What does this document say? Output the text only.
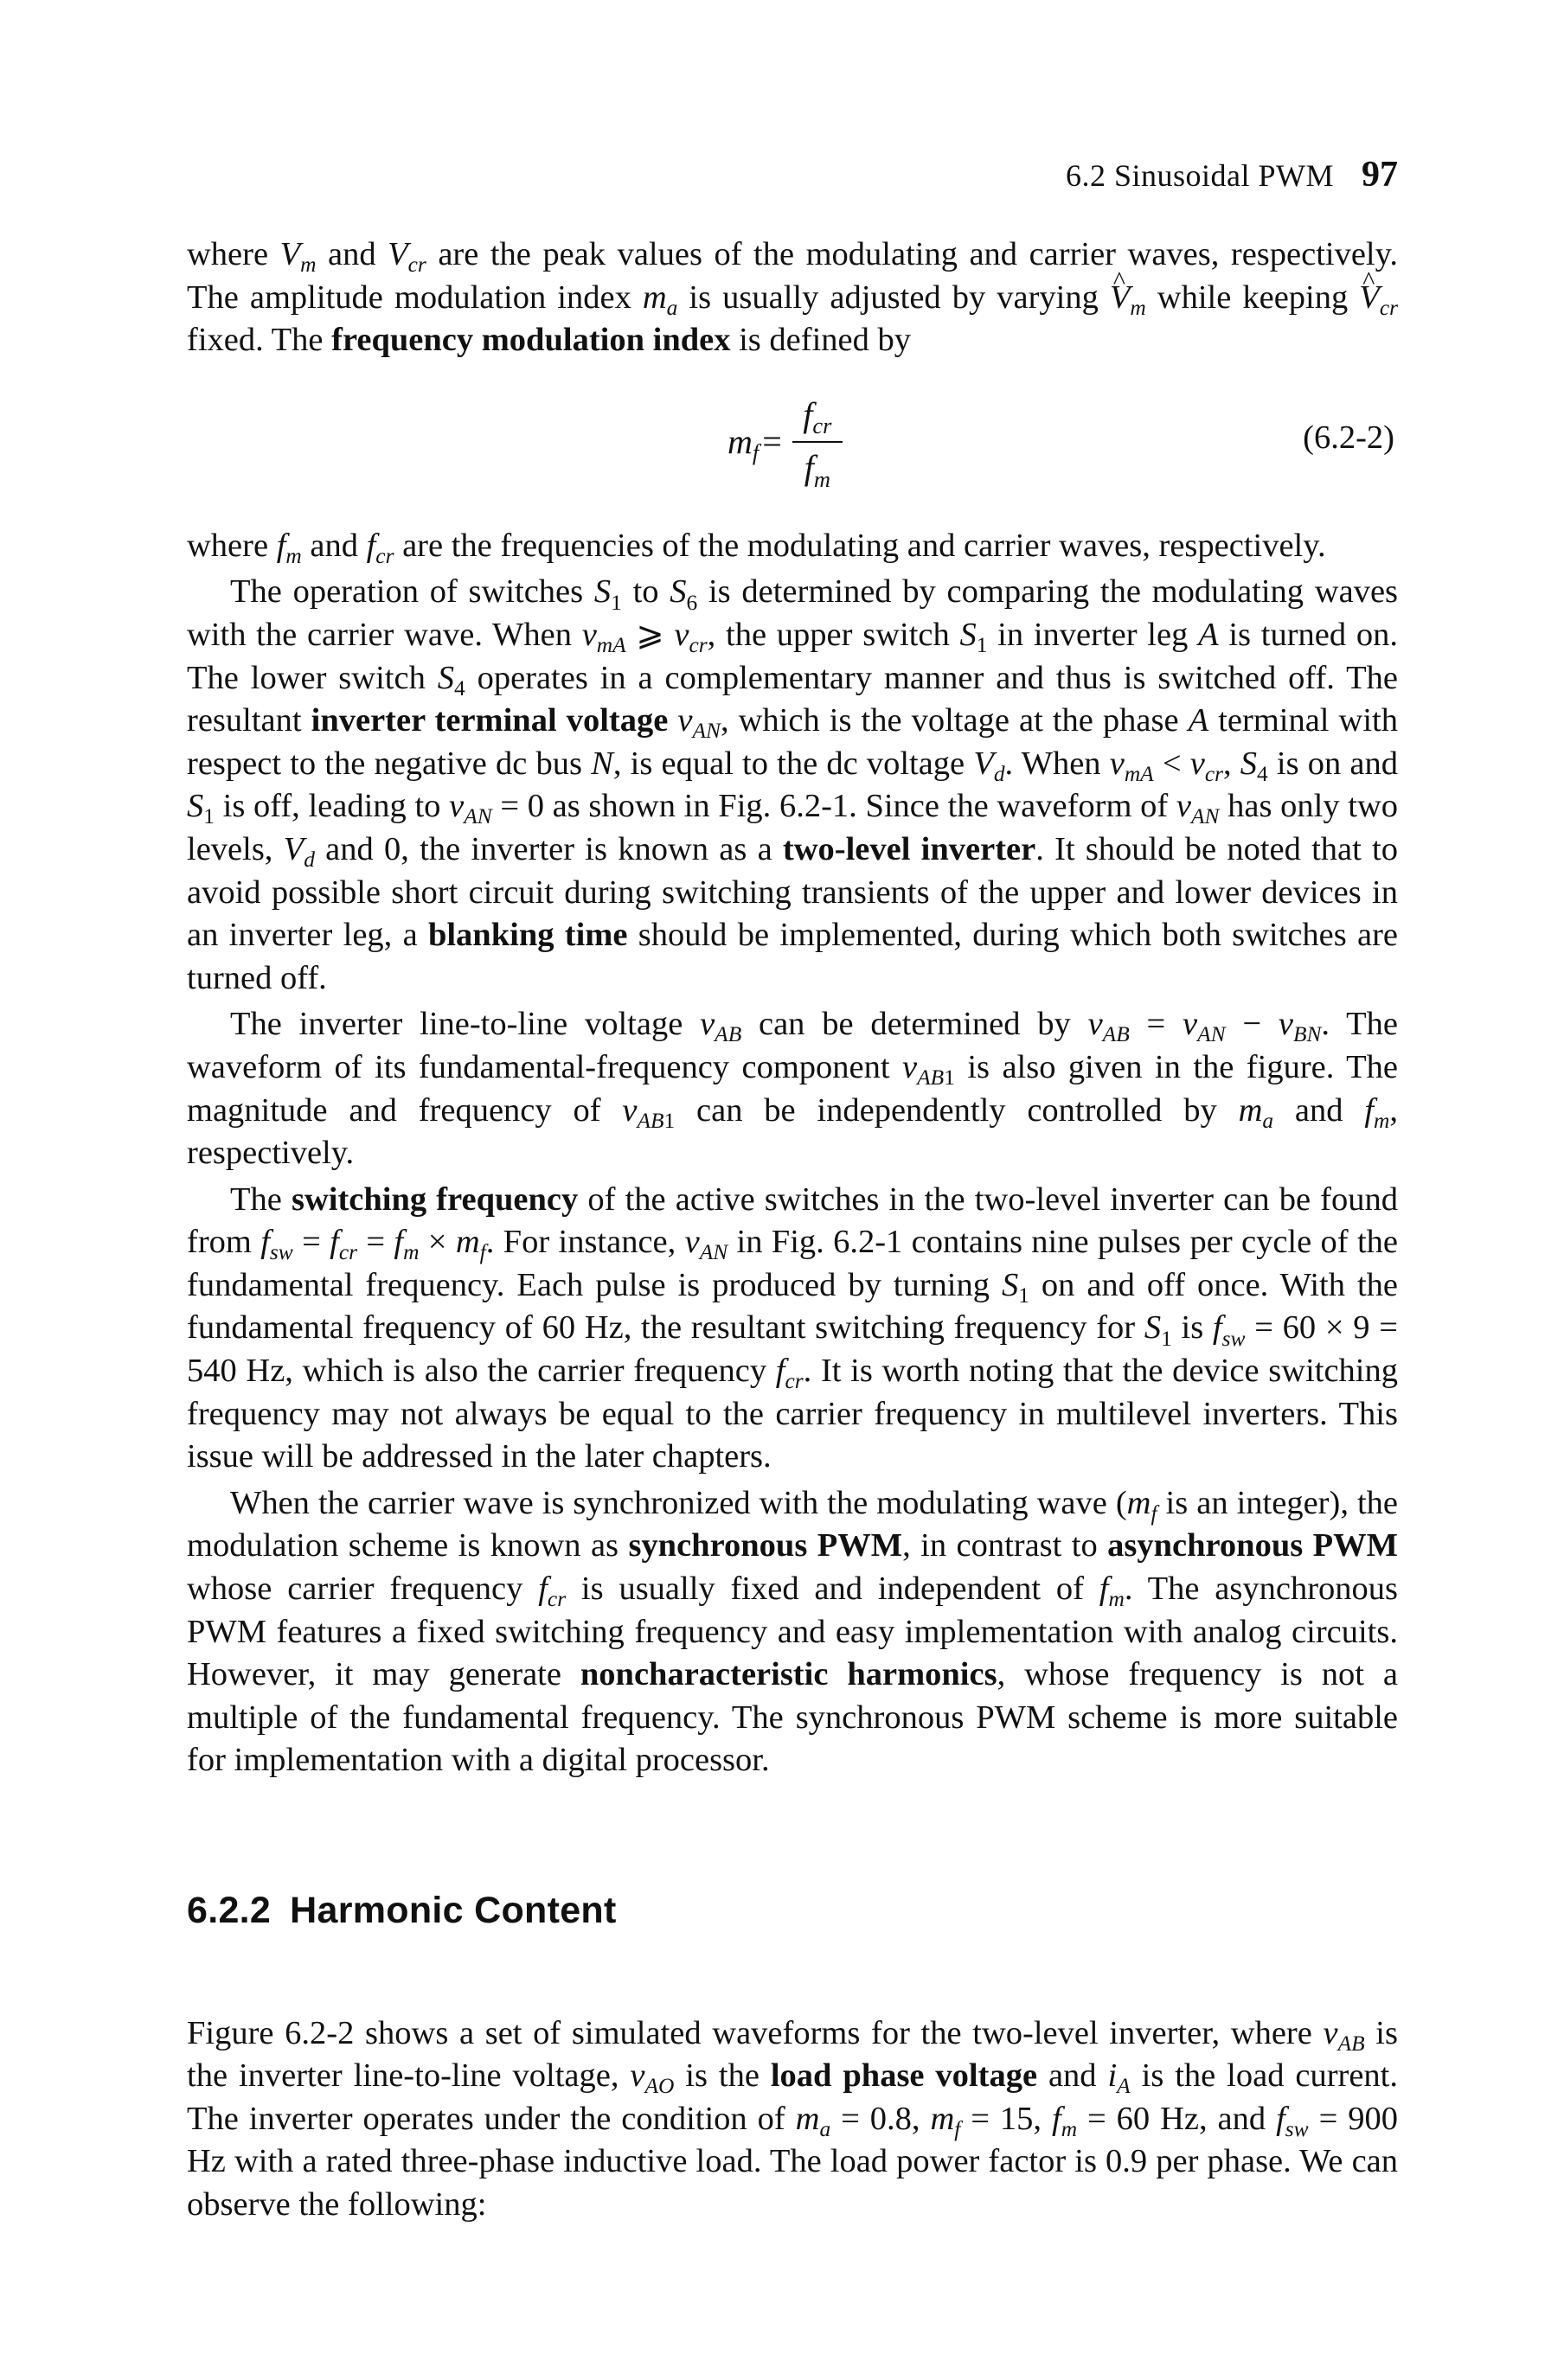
6.2 Sinusoidal PWM 97

where $V_m$ and $V_{cr}$ are the peak values of the modulating and carrier waves, respectively. The amplitude modulation index $m_a$ is usually adjusted by varying ^ $V_m$ while keeping ^ $V_{cr}$ fixed. The frequency modulation index is defined by

$m_f = \frac{f_{cr}}{f_m}$	(6.2-2)

where $f_m$ and $f_{cr}$ are the frequencies of the modulating and carrier waves, respectively.

The operation of switches $S_1$ to $S_6$ is determined by comparing the modulating waves with the carrier wave. When $v_{mA}$ ⩾ $v_{cr}$, the upper switch $S_1$ in inverter leg A is turned on. The lower switch $S_4$ operates in a complementary manner and thus is switched off. The resultant inverter terminal voltage $v_{AN}$, which is the voltage at the phase A terminal with respect to the negative dc bus N, is equal to the dc voltage $V_d$. When $v_{mA} < v_{cr}$, $S_4$ is on and $S_1$ is off, leading to $v_{AN} = 0$ as shown in Fig. 6.2-1. Since the waveform of $v_{AN}$ has only two levels, $V_d$ and 0, the inverter is known as a two-level inverter. It should be noted that to avoid possible short circuit during switching transients of the upper and lower devices in an inverter leg, a blanking time should be implemented, during which both switches are turned off.

The inverter line-to-line voltage $v_{AB}$ can be determined by $v_{AB} = v_{AN} - v_{BN}$. The waveform of its fundamental-frequency component $v_{AB1}$ is also given in the figure. The magnitude and frequency of $v_{AB1}$ can be independently controlled by $m_a$ and $f_m$, respectively.

The switching frequency of the active switches in the two-level inverter can be found from $f_{sw} = f_{cr} = f_m \times m_f$. For instance, $v_{AN}$ in Fig. 6.2-1 contains nine pulses per cycle of the fundamental frequency. Each pulse is produced by turning $S_1$ on and off once. With the fundamental frequency of 60 Hz, the resultant switching frequency for $S_1$ is $f_{sw} = 60 \times 9 = 540$ Hz, which is also the carrier frequency $f_{cr}$. It is worth noting that the device switching frequency may not always be equal to the carrier frequency in multilevel inverters. This issue will be addressed in the later chapters.

When the carrier wave is synchronized with the modulating wave ($m_f$ is an integer), the modulation scheme is known as synchronous PWM, in contrast to asynchronous PWM whose carrier frequency $f_{cr}$ is usually fixed and independent of $f_m$. The asynchronous PWM features a fixed switching frequency and easy implementation with analog circuits. However, it may generate noncharacteristic harmonics, whose frequency is not a multiple of the fundamental frequency. The synchronous PWM scheme is more suitable for implementation with a digital processor.

6.2.2 Harmonic Content

Figure 6.2-2 shows a set of simulated waveforms for the two-level inverter, where $v_{AB}$ is the inverter line-to-line voltage, $v_{AO}$ is the load phase voltage and $i_A$ is the load current. The inverter operates under the condition of $m_a = 0.8$, $m_f = 15$, $f_m = 60$ Hz, and $f_{sw} = 900$ Hz with a rated three-phase inductive load. The load power factor is 0.9 per phase. We can observe the following:
